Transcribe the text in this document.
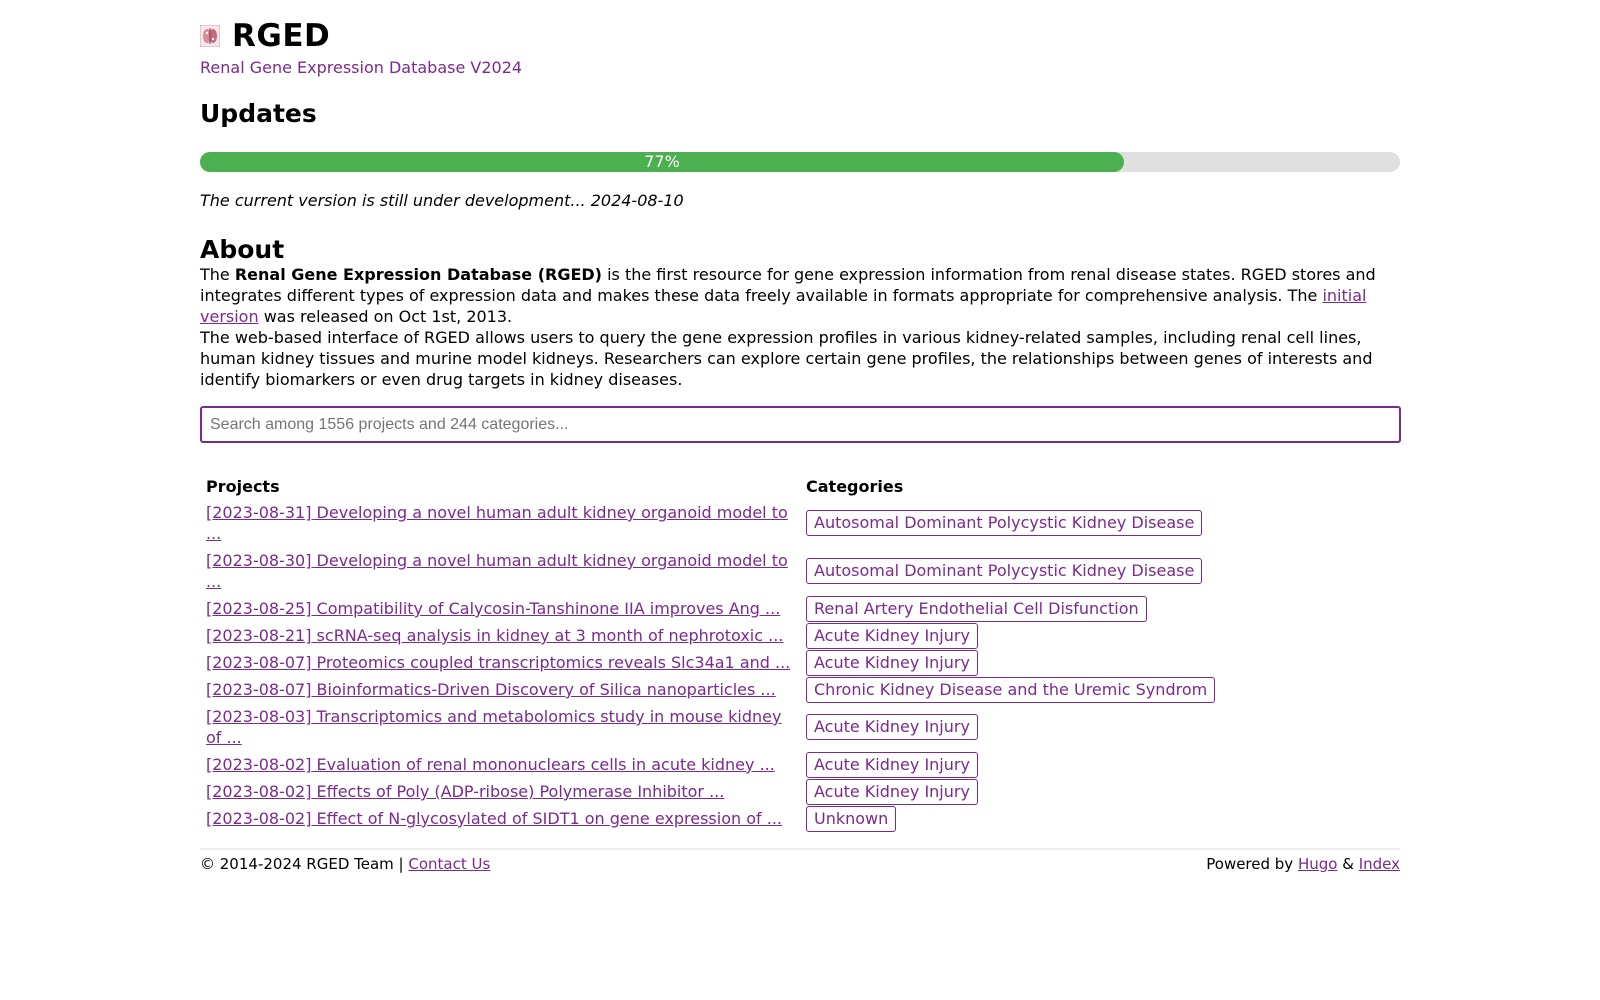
RGED
Renal Gene Expression Database V2024
Updates
77%
The current version is still under development... 2024-08-10
About

The Renal Gene Expression Database (RGED) is the first resource for gene expression information from renal disease states. RGED stores and integrates different types of expression data and makes these data freely available in formats appropriate for comprehensive analysis. The initial version was released on Oct 1st, 2013.

The web-based interface of RGED allows users to query the gene expression profiles in various kidney-related samples, including renal cell lines, human kidney tissues and murine model kidneys. Researchers can explore certain gene profiles, the relationships between genes of interests and identify biomarkers or even drug targets in kidney diseases.

Search among 1556 projects and 244 categories...
Projects	Categories
[2023-08-31] Developing a novel human adult kidney organoid model to ...	Autosomal Dominant Polycystic Kidney Disease
[2023-08-30] Developing a novel human adult kidney organoid model to ...	Autosomal Dominant Polycystic Kidney Disease
[2023-08-25] Compatibility of Calycosin-Tanshinone IIA improves Ang ...	Renal Artery Endothelial Cell Disfunction
[2023-08-21] scRNA-seq analysis in kidney at 3 month of nephrotoxic ...	Acute Kidney Injury
[2023-08-07] Proteomics coupled transcriptomics reveals Slc34a1 and ...	Acute Kidney Injury
[2023-08-07] Bioinformatics-Driven Discovery of Silica nanoparticles ...	Chronic Kidney Disease and the Uremic Syndrom
[2023-08-03] Transcriptomics and metabolomics study in mouse kidney of ...	Acute Kidney Injury
[2023-08-02] Evaluation of renal mononuclears cells in acute kidney ...	Acute Kidney Injury
[2023-08-02] Effects of Poly (ADP-ribose) Polymerase Inhibitor ...	Acute Kidney Injury
[2023-08-02] Effect of N-glycosylated of SIDT1 on gene expression of ...	Unknown
© 2014-2024 RGED Team | Contact Us	Powered by Hugo & Index
